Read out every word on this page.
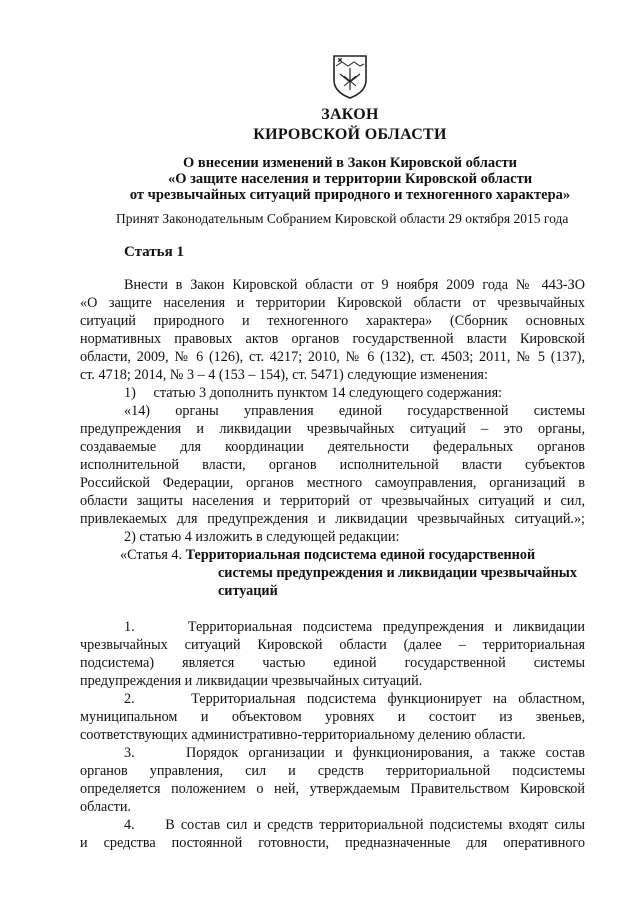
ЗАКОН
КИРОВСКОЙ ОБЛАСТИ
О внесении изменений в Закон Кировской области
«О защите населения и территории Кировской области
от чрезвычайных ситуаций природного и техногенного характера»
Принят Законодательным Собранием Кировской области 29 октября 2015 года
Статья 1
Внести в Закон Кировской области от 9 ноября 2009 года № 443-ЗО
«О защите населения и территории Кировской области от чрезвычайных
ситуаций природного и техногенного характера» (Сборник основных
нормативных правовых актов органов государственной власти Кировской
области, 2009, № 6 (126), ст. 4217; 2010, № 6 (132), ст. 4503; 2011, № 5 (137),
ст. 4718; 2014, № 3 – 4 (153 – 154), ст. 5471) следующие изменения:
1)     статью 3 дополнить пунктом 14 следующего содержания:
«14)     органы     управления     единой     государственной     системы
предупреждения и ликвидации чрезвычайных ситуаций – это органы,
создаваемые для координации деятельности федеральных органов
исполнительной власти, органов исполнительной власти субъектов
Российской Федерации, органов местного самоуправления, организаций в
области защиты населения и территорий от чрезвычайных ситуаций и сил,
привлекаемых для предупреждения и ликвидации чрезвычайных ситуаций.»;
2) статью 4 изложить в следующей редакции:
«Статья 4. Территориальная подсистема единой государственной
системы предупреждения и ликвидации чрезвычайных
ситуаций
1.     Территориальная подсистема предупреждения и ликвидации
чрезвычайных ситуаций Кировской области (далее – территориальная
подсистема) является частью единой государственной системы
предупреждения и ликвидации чрезвычайных ситуаций.
2.     Территориальная подсистема функционирует на областном,
муниципальном и объектовом уровнях и состоит из звеньев,
соответствующих административно-территориальному делению области.
3.     Порядок организации и функционирования, а также состав
органов управления, сил и средств территориальной подсистемы
определяется положением о ней, утверждаемым Правительством Кировской
области.
4.     В состав сил и средств территориальной подсистемы входят силы
и средства постоянной готовности, предназначенные для оперативного
